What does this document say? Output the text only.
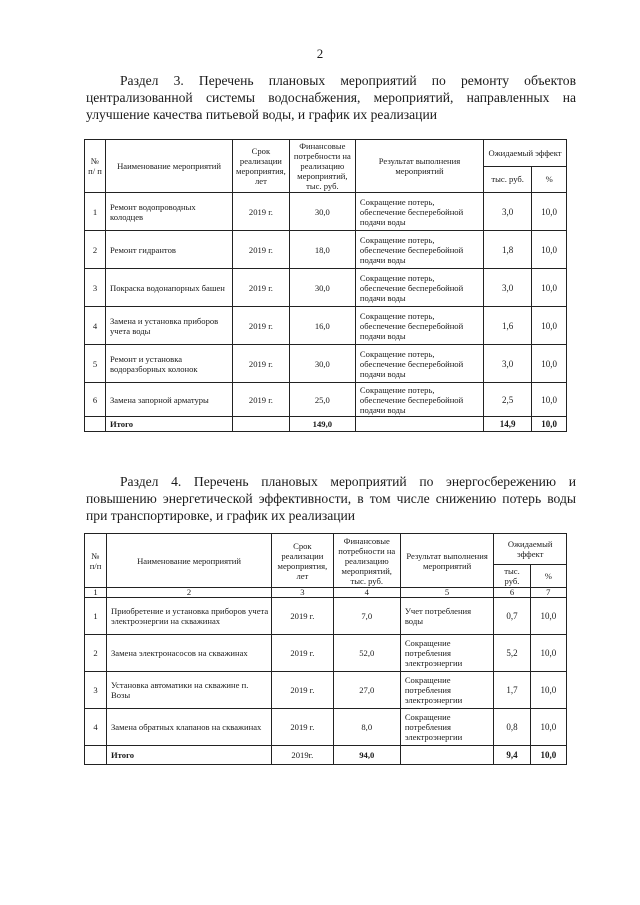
2
Раздел 3. Перечень плановых мероприятий по ремонту объектов централизованной системы водоснабжения, мероприятий, направленных на улучшение качества питьевой воды, и график их реализации
№ п/ п	Наименование мероприятий	Срок реализации мероприятия, лет	Финансовые потребности на реализацию мероприятий, тыс. руб.	Результат выполнения мероприятий	Ожидаемый эффект	
					тыс. руб.	%
1	Ремонт водопроводных колодцев	2019 г.	30,0	Сокращение потерь, обеспечение бесперебойной подачи воды	3,0	10,0
2	Ремонт гидрантов	2019 г.	18,0	Сокращение потерь, обеспечение бесперебойной подачи воды	1,8	10,0
3	Покраска водонапорных башен	2019 г.	30,0	Сокращение потерь, обеспечение бесперебойной подачи воды	3,0	10,0
4	Замена и установка приборов учета воды	2019 г.	16,0	Сокращение потерь, обеспечение бесперебойной подачи воды	1,6	10,0
5	Ремонт и установка водоразборных колонок	2019 г.	30,0	Сокращение потерь, обеспечение бесперебойной подачи воды	3,0	10,0
6	Замена запорной арматуры	2019 г.	25,0	Сокращение потерь, обеспечение бесперебойной подачи воды	2,5	10,0
	Итого		149,0		14,9	10,0
Раздел 4. Перечень плановых мероприятий по энергосбережению и повышению энергетической эффективности, в том числе снижению потерь воды при транспортировке, и график их реализации
№ п/п	Наименование мероприятий	Срок реализации мероприятия, лет	Финансовые потребности на реализацию мероприятий, тыс. руб.	Результат выполнения мероприятий	Ожидаемый эффект	
					тыс. руб.	%
1	2	3	4	5	6	7
1	Приобретение и установка приборов учета электроэнергии на скважинах	2019 г.	7,0	Учет потребления воды	0,7	10,0
2	Замена электронасосов на скважинах	2019 г.	52,0	Сокращение потребления электроэнергии	5,2	10,0
3	Установка автоматики на скважине п. Возы	2019 г.	27,0	Сокращение потребления электроэнергии	1,7	10,0
4	Замена обратных клапанов на скважинах	2019 г.	8,0	Сокращение потребления электроэнергии	0,8	10,0
	Итого	2019г.	94,0		9,4	10,0
